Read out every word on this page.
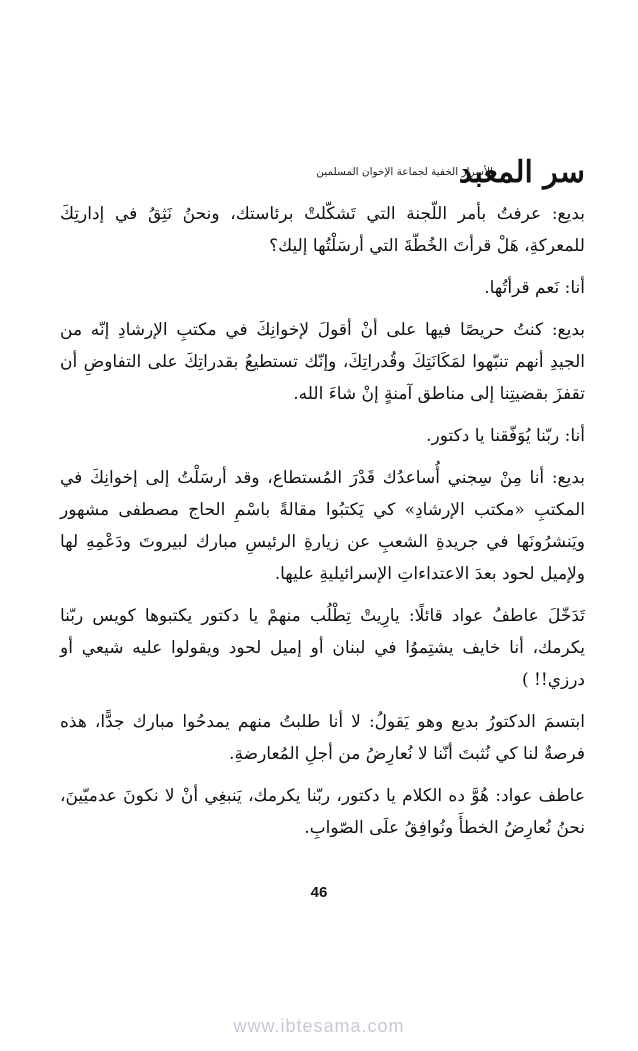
سر المعبد
الأسرار الخفية لجماعة الإخوان المسلمين

بديع: عرفتُ بأمر اللّجنة التي تَشكّلتْ برئاستك، ونحنُ نَثِقُ في إدارتِكَ للمعركةِ، هَلْ قرأتَ الخُطّةَ التي أرسَلْتُها إليك؟

أنا: نَعم قرأتُها.

بديع: كنتُ حريصًا فيها على أنْ أقولَ لإخوانِكَ في مكتبِ الإرشادِ إنّه من الجيدِ أنهم تنبّهوا لمَكَانَتِكَ وقُدراتِكَ، وإنّك تستطيعُ بقدراتِكَ على التفاوضِ أن تقفزَ بقضيتِنا إلى مناطق آمنةٍ إنْ شاءَ الله.

أنا: ربّنا يُوَفّقنا يا دكتور.

بديع: أنا مِنْ سِجني أُساعدُك قَدْرَ المُستطاع، وقد أرسَلْتُ إلى إخوانِكَ في المكتبِ «مكتب الإرشادِ» كي يَكتبُوا مقالةً باسْمِ الحاج مصطفى مشهور ويَنشرُونَها في جريدةِ الشعبِ عن زيارةِ الرئيسِ مبارك لبيروتَ ودَعْمِهِ لها ولإميل لحود بعدَ الاعتداءاتِ الإسرائيليةِ عليها.

تَدَخّلَ عاطفُ عواد قائلًا: يارِيتْ تِطْلُب منهمْ يا دكتور يكتبوها كويس ربّنا يكرمك، أنا خايف يشتِموُا في لبنان أو إميل لحود ويقولوا عليه شيعي أو درزي!! )

ابتسمَ الدكتورُ بديع وهو يَقولُ: لا أنا طلبتُ منهم يمدحُوا مبارك جدًّا، هذه فرصةٌ لنا كي نُثبتَ أنّنا لا نُعارِضُ من أجلِ المُعارضةِ.

عاطف عواد: هُوَّ ده الكلام يا دكتور، ربّنا يكرمك، يَنبغِي أنْ لا نكونَ عدميّينَ، نحنُ نُعارِضُ الخطأَ ونُوافِقُ علَى الصّوابِ.

46
www.ibtesama.com
